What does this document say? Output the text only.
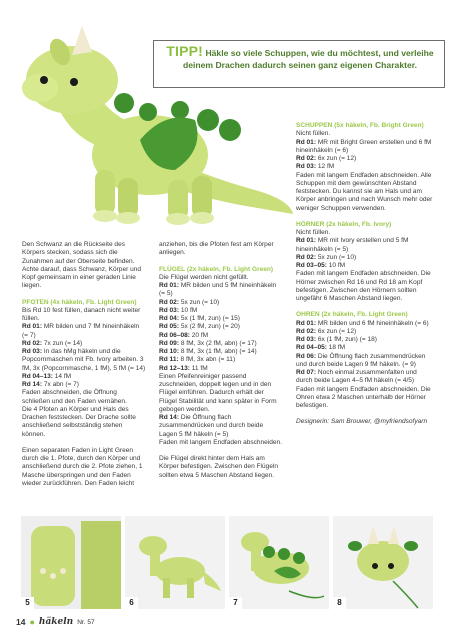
TIPP! Häkle so viele Schuppen, wie du möchtest, und verleihe deinem Drachen dadurch seinen ganz eigenen Charakter.

Den Schwanz an die Rückseite des Körpers stecken, sodass sich die Zunahmen auf der Oberseite befinden. Achte darauf, dass Schwanz, Körper und Kopf gemeinsam in einer geraden Linie liegen.

PFOTEN (4x häkeln, Fb. Light Green)

Bis Rd 10 fest füllen, danach nicht weiter füllen.

Rd 01: MR bilden und 7 fM hineinhäkeln (= 7)

Rd 02: 7x zun (= 14)

Rd 03: In das hMg häkeln und die Popcornmaschen mit Fb. Ivory arbeiten. 3 fM, 3x (Popcornmasche, 1 fM), 5 fM (= 14)

Rd 04–13: 14 fM

Rd 14: 7x abn (= 7)

Faden abschneiden, die Öffnung schließen und den Faden vernähen.

Die 4 Pfoten an Körper und Hals des Drachen feststecken. Der Drache sollte anschließend selbstständig stehen können.

Einen separaten Faden in Light Green durch die 1. Pfote, durch den Körper und anschließend durch die 2. Pfote ziehen, 1 Masche überspringen und den Faden wieder zurückführen. Den Faden leicht

anziehen, bis die Pfoten fest am Körper anliegen.

FLÜGEL (2x häkeln, Fb. Light Green)

Die Flügel werden nicht gefüllt.

Rd 01: MR bilden und 5 fM hineinhäkeln (= 5)

Rd 02: 5x zun (= 10)

Rd 03: 10 fM

Rd 04: 5x (1 fM, zun) (= 15)

Rd 05: 5x (2 fM, zun) (= 20)

Rd 06–08: 20 fM

Rd 09: 8 fM, 3x (2 fM, abn) (= 17)

Rd 10: 8 fM, 3x (1 fM, abn) (= 14)

Rd 11: 8 fM, 3x abn (= 11)

Rd 12–13: 11 fM

Einen Pfeifenreiniger passend zuschneiden, doppelt legen und in den Flügel einführen. Dadurch erhält der Flügel Stabilität und kann später in Form gebogen werden.

Rd 14: Die Öffnung flach zusammendrücken und durch beide Lagen 5 fM häkeln (= 5)

Faden mit langem Endfaden abschneiden.

Die Flügel direkt hinter dem Hals am Körper befestigen. Zwischen den Flügeln sollten etwa 5 Maschen Abstand liegen.

SCHUPPEN (5x häkeln, Fb. Bright Green)

Nicht füllen.

Rd 01: MR mit Bright Green erstellen und 6 fM hineinhäkeln (= 6)

Rd 02: 6x zun (= 12)

Rd 03: 12 fM

Faden mit langem Endfaden abschneiden. Alle Schuppen mit dem gewünschten Abstand feststecken. Du kannst sie am Hals und am Körper anbringen und nach Wunsch mehr oder weniger Schuppen verwenden.

HÖRNER (2x häkeln, Fb. Ivory)

Nicht füllen.

Rd 01: MR mit Ivory erstellen und 5 fM hineinhäkeln (= 5)

Rd 02: 5x zun (= 10)

Rd 03–05: 10 fM

Faden mit langem Endfaden abschneiden. Die Hörner zwischen Rd 16 und Rd 18 am Kopf befestigen. Zwischen den Hörnern sollten ungefähr 6 Maschen Abstand liegen.

OHREN (2x häkeln, Fb. Light Green)

Rd 01: MR bilden und 6 fM hineinhäkeln (= 6)

Rd 02: 6x zun (= 12)

Rd 03: 6x (1 fM, zun) (= 18)

Rd 04–05: 18 fM

Rd 06: Die Öffnung flach zusammendrücken und durch beide Lagen 9 fM häkeln. (= 9)

Rd 07: Noch einmal zusammenfalten und durch beide Lagen 4–5 fM häkeln (= 4/5)

Faden mit langem Endfaden abschneiden. Die Ohren etwa 2 Maschen unterhalb der Hörner befestigen.

Designerin: Sam Brouwer, @myfriendsofyarn

5	6	7	8
14 ● häkeln Nr. 57
